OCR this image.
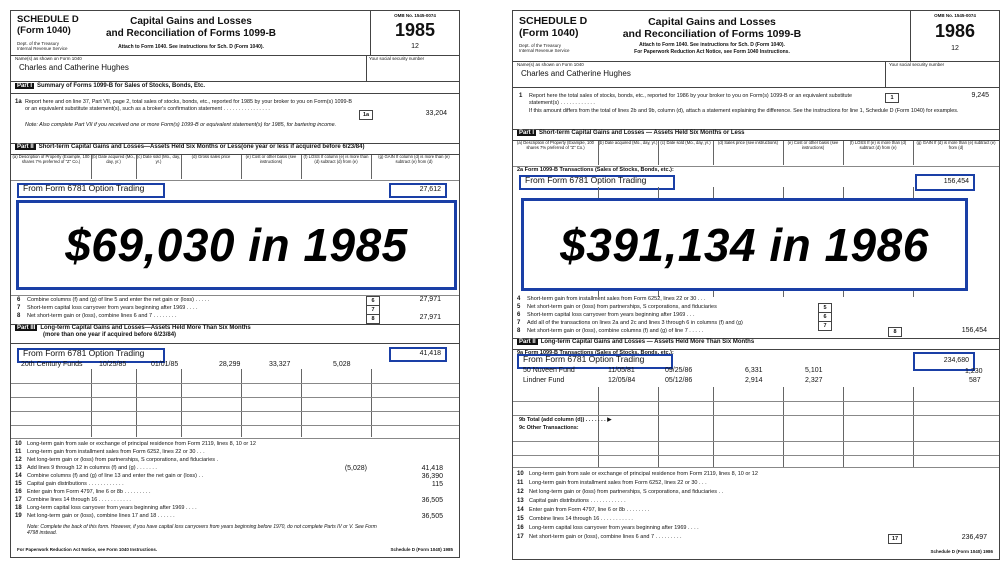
SCHEDULE D
(Form 1040)
Dept. of the Treasury
Internal Revenue Service
Capital Gains and Losses
and Reconciliation of Forms 1099-B
Attach to Form 1040. See instructions for Sch. D (Form 1040).
OMB No. 1545-0074
1985
12
Name(s) as shown on Form 1040
Charles and Catherine Hughes
Your social security number
Part I Summary of Forms 1099-B for Sales of Stocks, Bonds, Etc.
1a Report here and on line 37, Part VII, page 2, total sales of stocks, bonds, etc., reported for 1985 by your broker to you on Form(s) 1099-B or an equivalent substitute statement(s), such as a broker's confirmation statement . . . . . . . . . . . . . . . .
Note: Also complete Part VII if you received one or more Form(s) 1099-B or equivalent statement(s) for 1985, for bartering income.
1a	33,204
Part II Short-term Capital Gains and Losses—Assets Held Six Months or Less(one year or less if acquired before 6/23/84)
(a) Description of Property (Example, 100 shares 7% preferred of "Z" Co.)
(b) Date acquired (Mo., day, yr.)
(c) Date sold (Mo., day, yr.)
(d) Gross sales price	(e) Cost or other basis (see instructions)
(f) LOSS If column (e) is more than (d) subtract (d) from (e)
(g) GAIN If column (d) is more than (e) subtract (e) from (d)
From Form 6781 Option Trading	27,612
6 Combine columns (f) and (g) of line 5 and enter the net gain or (loss) . . . . .	6	27,971
7 Short-term capital loss carryover from years beginning after 1969 . . . .	7
8 Net short-term gain or (loss), combine lines 6 and 7 . . . . . . . .	8	27,971
Part III Long-term Capital Gains and Losses—Assets Held More Than Six Months
(more than one year if acquired before 6/23/84)
From Form 6781 Option Trading	41,418
20th Century Funds 10/25/85	01/01/85	28,299	33,327	5,028
10 Long-term gain from sale or exchange of principal residence from Form 2119, lines 8, 10 or 12
11 Long-term gain from installment sales from Form 6252, lines 22 or 30 . . .
12 Net long-term gain or (loss) from partnerships, S corporations, and fiduciaries .
13 Add lines 9 through 12 in columns (f) and (g) . . . . . . .	(5,028)	41,418
14 Combine columns (f) and (g) of line 13 and enter the net gain or (loss) . .	36,390
15 Capital gain distributions . . . . . . . . . . . .	115
16 Enter gain from Form 4797, line 6 or 8b . . . . . . . . .
17 Combine lines 14 through 16 . . . . . . . . . . .	36,505
18 Long-term capital loss carryover from years beginning after 1969 . . . .
19 Net long-term gain or (loss), combine lines 17 and 18 . . . . . .	36,505
Note: Complete the back of this form. However, if you have capital loss carryovers from years beginning before 1970, do not complete Parts IV or V. See Form 4798 instead.
For Paperwork Reduction Act Notice, see Form 1040 Instructions.	Schedule D (Form 1040) 1985
SCHEDULE D
(Form 1040)
Dept. of the Treasury
Internal Revenue Service
Capital Gains and Losses
and Reconciliation of Forms 1099-B
Attach to Form 1040. See instructions for Sch. D (Form 1040).
For Paperwork Reduction Act Notice, see Form 1040 Instructions.
OMB No. 1545-0074
1986
12
Name(s) as shown on Form 1040
Charles and Catherine Hughes
Your social security number
1 Report here the total sales of stocks, bonds, etc., reported for 1986 by your broker to you on Form(s) 1099-B or an equivalent substitute statement(s) . . . . . . . . . . . .
If this amount differs from the total of lines 2b and 9b, column (d), attach a statement explaining the difference. See the instructions for line 1, Schedule D (Form 1040) for examples.
1	9,245
Part I Short-term Capital Gains and Losses — Assets Held Six Months or Less
(a) Description of Property (Example, 100 shares 7% preferred of "Z" Co.)
(b) Date acquired (Mo., day, yr.) (c) Date sold (Mo., day, yr.)	(d) Sales price (see instructions)	(e) Cost or other basis (see instructions)
(f) LOSS If (e) is more than (d) subtract (d) from (e)
(g) GAIN If (d) is more than (e) subtract (e) from (d)
2a Form 1099-B Transactions (Sales of Stocks, Bonds, etc.):
From Form 6781 Option Trading	156,454
4 Short-term gain from installment sales from Form 6252, lines 22 or 30 . . .
5 Net short-term gain or (loss) from partnerships, S corporations, and fiduciaries	5
6 Short-term capital loss carryover from years beginning after 1969 . . .	6
7 Add all of the transactions on lines 2a and 2c and lines 3 through 6 in columns (f) and (g)	7
8 Net short-term gain or (loss), combine columns (f) and (g) of line 7 . . . . .	8	156,454
Part II Long-term Capital Gains and Losses — Assets Held More Than Six Months
9a Form 1099-B Transactions (Sales of Stocks, Bonds, etc.):
From Form 6781 Option Trading	234,680
50 Nuveen Fund	11/05/81	09/25/86	6,331	5,101	1,230
Lindner Fund	12/05/84	05/12/86	2,914	2,327	587
9b Total (add column (d)) . . . . . . . ▶
9c Other Transactions:
10 Long-term gain from sale or exchange of principal residence from Form 2119, lines 8, 10 or 12
11 Long-term gain from installment sales from Form 6252, lines 22 or 30 . . .
12 Net long-term gain or (loss) from partnerships, S corporations, and fiduciaries . .
13 Capital gain distributions . . . . . . . . . . . .
14 Enter gain from Form 4797, line 6 or 8b . . . . . . . .
15 Combine lines 14 through 16 . . . . . . . . . . .
16 Long-term capital loss carryover from years beginning after 1969 . . . .
17 Net short-term gain or (loss), combine lines 6 and 7 . . . . . . . . .	17	236,497
Schedule D (Form 1040) 1986
$69,030 in 1985	$391,134 in 1986
